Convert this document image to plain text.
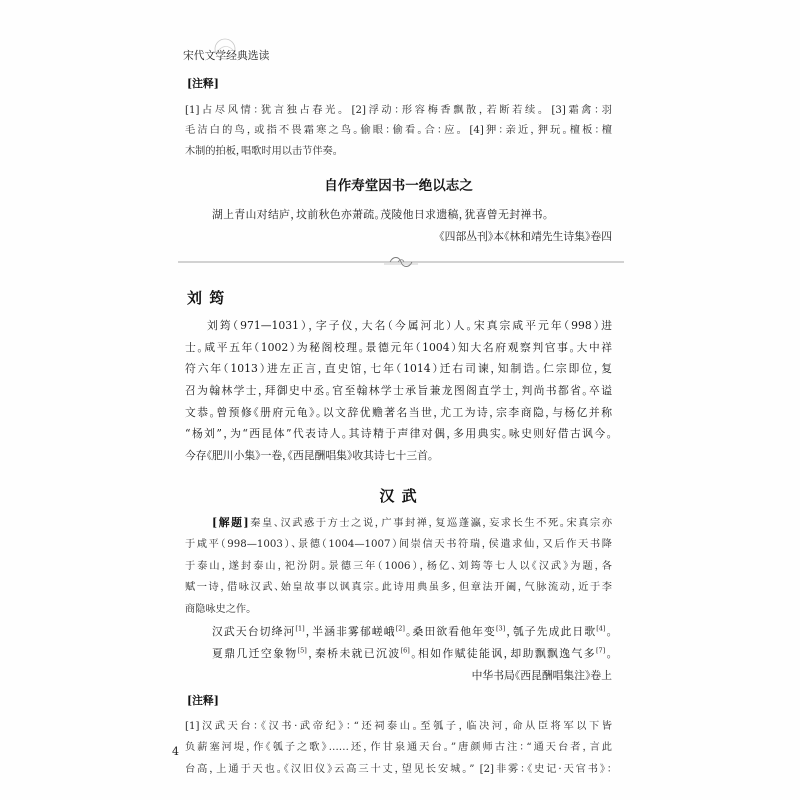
宋代文学经典选读
[注释]
[1]占尽风情：犹言独占春光。 [2]浮动：形容梅香飘散，若断若续。 [3]霜禽：羽
毛洁白的鸟，或指不畏霜寒之鸟。偷眼：偷看。合：应。 [4]狎：亲近，狎玩。檀板：檀
木制的拍板，唱歌时用以击节伴奏。
自作寿堂因书一绝以志之
湖上青山对结庐，坟前秋色亦萧疏。茂陵他日求遗稿，犹喜曾无封禅书。
《四部丛刊》本《林和靖先生诗集》卷四
刘 筠
刘筠（971—1031），字子仪，大名（今属河北）人。宋真宗咸平元年（998）进
士。咸平五年（1002）为秘阁校理。景德元年（1004）知大名府观察判官事。大中祥
符六年（1013）进左正言，直史馆，七年（1014）迁右司谏，知制诰。仁宗即位，复
召为翰林学士，拜御史中丞。官至翰林学士承旨兼龙图阁直学士，判尚书都省。卒谥
文恭。曾预修《册府元龟》。以文辞优赡著名当世，尤工为诗，宗李商隐，与杨亿并称
“杨刘”，为“西昆体”代表诗人。其诗精于声律对偶，多用典实。咏史则好借古讽今。
今存《肥川小集》一卷，《西昆酬唱集》收其诗七十三首。
汉 武
[解题]秦皇、汉武惑于方士之说，广事封禅，复巡蓬瀛，妄求长生不死。宋真宗亦
于咸平（998—1003）、景德（1004—1007）间崇信天书符瑞，侯遣求仙，又后作天书降
于泰山，遂封泰山，祀汾阴。景德三年（1006），杨亿、刘筠等七人以《汉武》为题，各
赋一诗，借咏汉武、始皇故事以讽真宗。此诗用典虽多，但章法开阖，气脉流动，近于李
商隐咏史之作。
汉武天台切绛河[1]，半涵非雾郁嵯峨[2]。桑田欲看他年变[3]，瓠子先成此日歌[4]。
夏鼎几迁空象物[5]，秦桥未就已沉波[6]。相如作赋徒能讽，却助飘飘逸气多[7]。
中华书局《西昆酬唱集注》卷上
[注释]
[1]汉武天台：《汉书·武帝纪》：“还祠泰山。至瓠子，临决河，命从臣将军以下皆
负薪塞河堤，作《瓠子之歌》……还，作甘泉通天台。”唐颜师古注：“通天台者，言此
台高，上通于天也。《汉旧仪》云高三十丈，望见长安城。” [2]非雾：《史记·天官书》：
4
